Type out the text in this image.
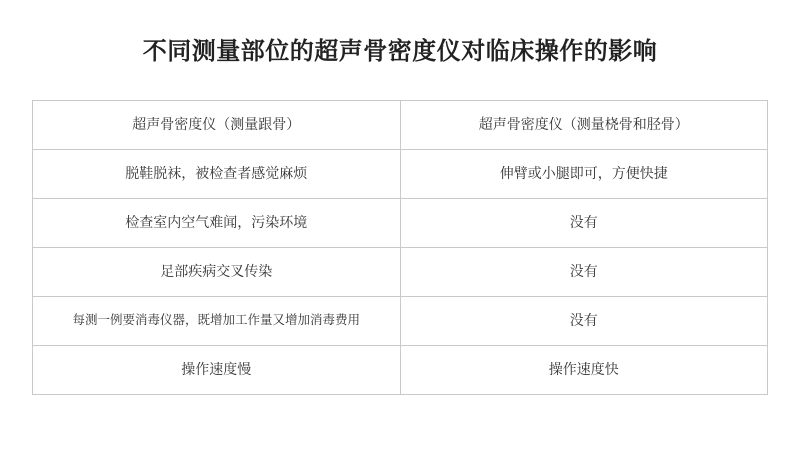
不同测量部位的超声骨密度仪对临床操作的影响
超声骨密度仪（测量跟骨）	超声骨密度仪（测量桡骨和胫骨）
脱鞋脱袜，被检查者感觉麻烦	伸臂或小腿即可，方便快捷
检查室内空气难闻，污染环境	没有
足部疾病交叉传染	没有
每测一例要消毒仪器，既增加工作量又增加消毒费用	没有
操作速度慢	操作速度快
